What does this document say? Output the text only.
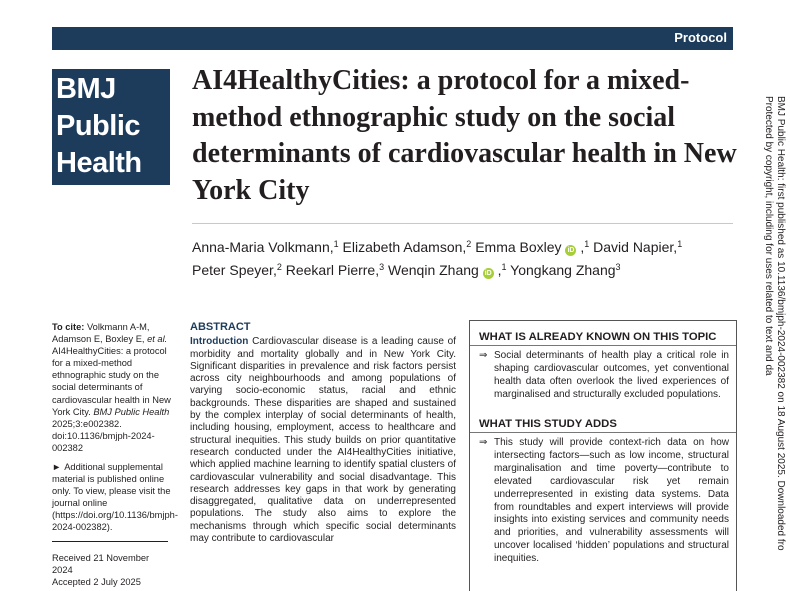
Protocol
BMJ
Public
Health
AI4HealthyCities: a protocol for a mixed-method ethnographic study on the social determinants of cardiovascular health in New York City
Anna-Maria Volkmann,$^1$ Elizabeth Adamson,$^2$ Emma Boxley iD ,$^1$ David Napier,$^1$
Peter Speyer,$^2$ Reekarl Pierre,$^3$ Wenqin Zhang iD ,$^1$ Yongkang Zhang$^3$
To cite: Volkmann A-M, Adamson E, Boxley E, et al. AI4HealthyCities: a protocol for a mixed-method ethnographic study on the social determinants of cardiovascular health in New York City. BMJ Public Health 2025;3:e002382. doi:10.1136/bmjph-2024-002382
► Additional supplemental material is published online only. To view, please visit the journal online (https://doi.org/10.1136/bmjph-2024-002382).
Received 21 November 2024
Accepted 2 July 2025
ABSTRACT
Introduction Cardiovascular disease is a leading cause of morbidity and mortality globally and in New York City. Significant disparities in prevalence and risk factors persist across city neighbourhoods and among populations of varying socio-economic status, racial and ethnic backgrounds. These disparities are shaped and sustained by the complex interplay of social determinants of health, including housing, employment, access to healthcare and structural inequities. This study builds on prior quantitative research conducted under the AI4HealthyCities initiative, which applied machine learning to identify spatial clusters of cardiovascular vulnerability and social disadvantage. This research addresses key gaps in that work by generating disaggregated, qualitative data on underrepresented populations. The study also aims to explore the mechanisms through which specific social determinants may contribute to cardiovascular
WHAT IS ALREADY KNOWN ON THIS TOPIC
⇒ Social determinants of health play a critical role in shaping cardiovascular outcomes, yet conventional health data often overlook the lived experiences of marginalised and structurally excluded populations.
WHAT THIS STUDY ADDS
⇒ This study will provide context-rich data on how intersecting factors—such as low income, structural marginalisation and time poverty—contribute to elevated cardiovascular risk yet remain underrepresented in existing data systems. Data from roundtables and expert interviews will provide insights into existing services and community needs and priorities, and vulnerability assessments will uncover localised ‘hidden’ populations and structural inequities.
BMJ Public Health: first published as 10.1136/bmjph-2024-002382 on 18 August 2025. Downloaded fro
Protected by copyright, including for uses related to text and da
